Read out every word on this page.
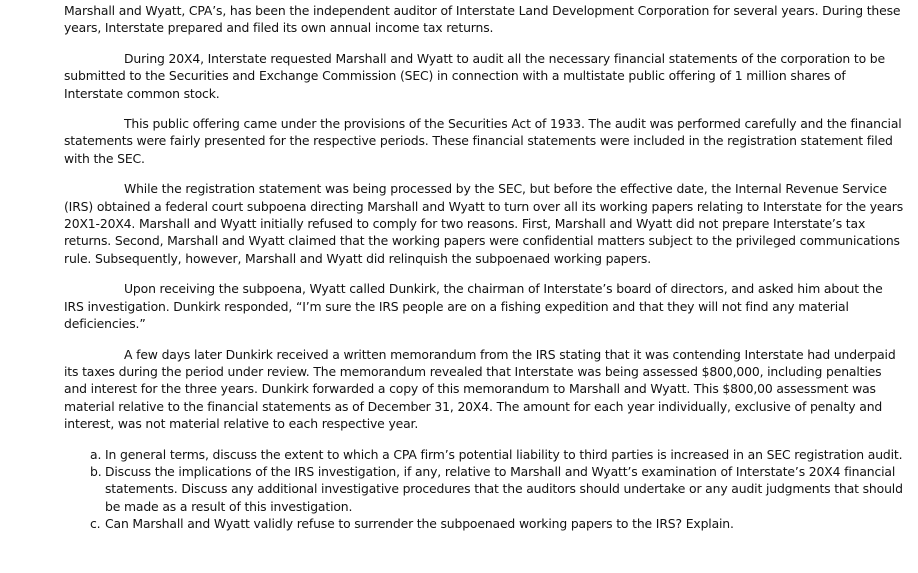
Marshall and Wyatt, CPA’s, has been the independent auditor of Interstate Land Development Corporation for several years. During these years, Interstate prepared and filed its own annual income tax returns.

During 20X4, Interstate requested Marshall and Wyatt to audit all the necessary financial statements of the corporation to be submitted to the Securities and Exchange Commission (SEC) in connection with a multistate public offering of 1 million shares of Interstate common stock.

This public offering came under the provisions of the Securities Act of 1933. The audit was performed carefully and the financial statements were fairly presented for the respective periods. These financial statements were included in the registration statement filed with the SEC.

While the registration statement was being processed by the SEC, but before the effective date, the Internal Revenue Service (IRS) obtained a federal court subpoena directing Marshall and Wyatt to turn over all its working papers relating to Interstate for the years 20X1-20X4. Marshall and Wyatt initially refused to comply for two reasons. First, Marshall and Wyatt did not prepare Interstate’s tax returns. Second, Marshall and Wyatt claimed that the working papers were confidential matters subject to the privileged communications rule. Subsequently, however, Marshall and Wyatt did relinquish the subpoenaed working papers.

Upon receiving the subpoena, Wyatt called Dunkirk, the chairman of Interstate’s board of directors, and asked him about the IRS investigation. Dunkirk responded, “I’m sure the IRS people are on a fishing expedition and that they will not find any material deficiencies.”

A few days later Dunkirk received a written memorandum from the IRS stating that it was contending Interstate had underpaid its taxes during the period under review. The memorandum revealed that Interstate was being assessed $800,000, including penalties and interest for the three years. Dunkirk forwarded a copy of this memorandum to Marshall and Wyatt. This $800,00 assessment was material relative to the financial statements as of December 31, 20X4. The amount for each year individually, exclusive of penalty and interest, was not material relative to each respective year.

a. In general terms, discuss the extent to which a CPA firm’s potential liability to third parties is increased in an SEC registration audit.
b. Discuss the implications of the IRS investigation, if any, relative to Marshall and Wyatt’s examination of Interstate’s 20X4 financial statements. Discuss any additional investigative procedures that the auditors should undertake or any audit judgments that should be made as a result of this investigation.
c. Can Marshall and Wyatt validly refuse to surrender the subpoenaed working papers to the IRS? Explain.
